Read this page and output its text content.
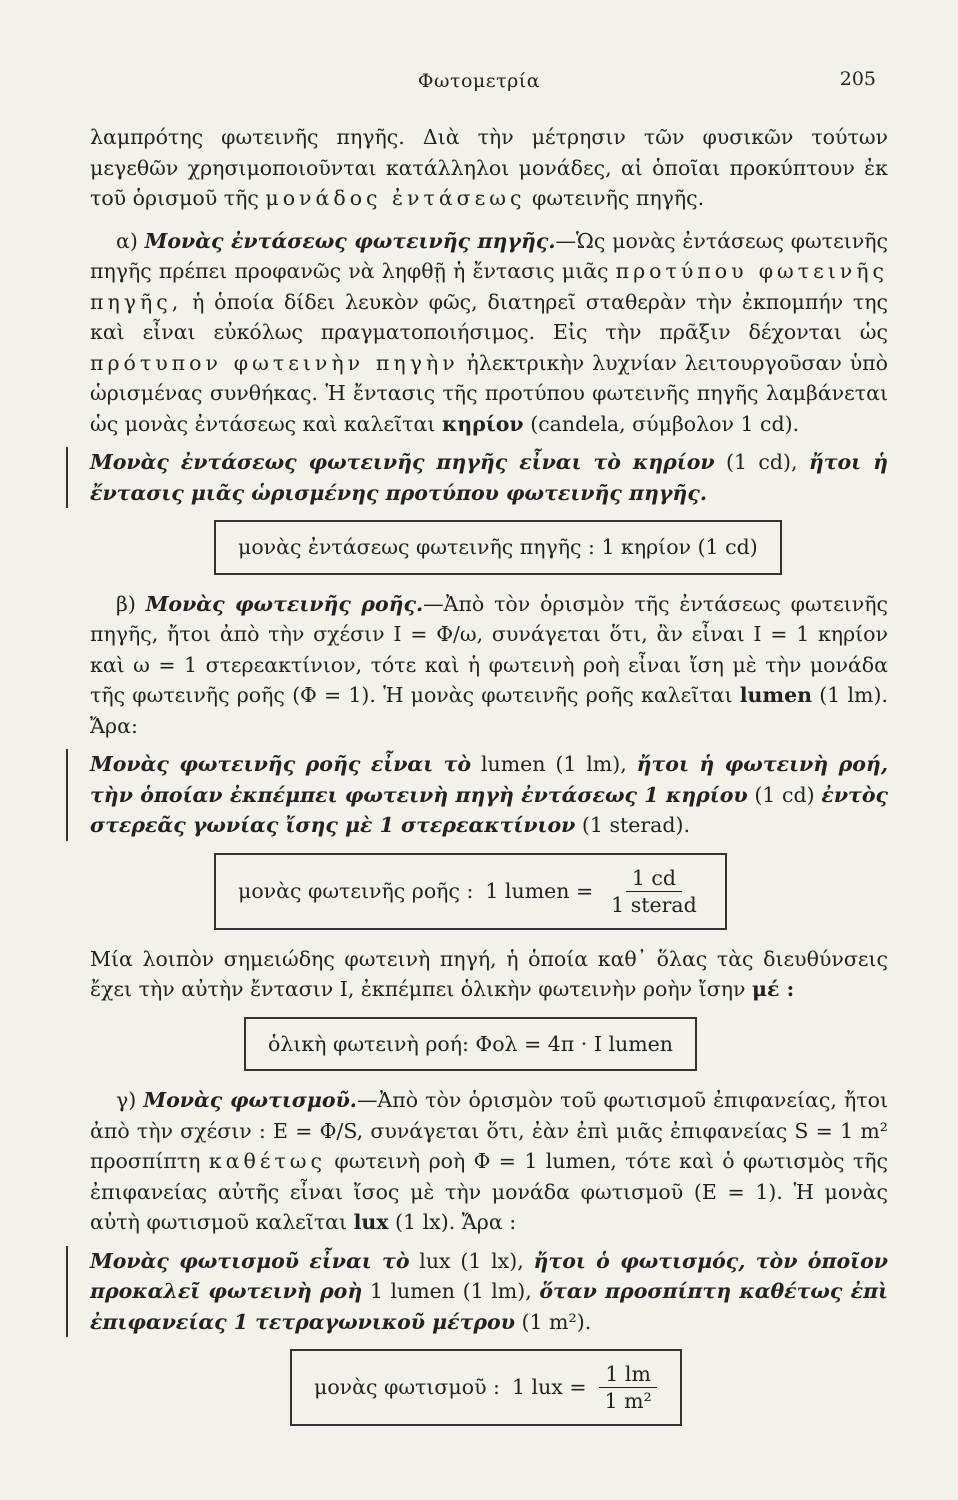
Φωτομετρία	205

λαμπρότης φωτεινῆς πηγῆς. Διὰ τὴν μέτρησιν τῶν φυσικῶν τούτων μεγεθῶν χρησιμοποιοῦνται κατάλληλοι μονάδες, αἱ ὁποῖαι προκύπτουν ἐκ τοῦ ὁρισμοῦ τῆς μονάδος ἐντάσεως φωτεινῆς πηγῆς.

α) Μονὰς ἐντάσεως φωτεινῆς πηγῆς.—Ὡς μονὰς ἐντάσεως φωτεινῆς πηγῆς πρέπει προφανῶς νὰ ληφθῇ ἡ ἔντασις μιᾶς προτύπου φωτεινῆς πηγῆς, ἡ ὁποία δίδει λευκὸν φῶς, διατηρεῖ σταθερὰν τὴν ἐκπομπήν της καὶ εἶναι εὐκόλως πραγματοποιήσιμος. Εἰς τὴν πρᾶξιν δέχονται ὡς πρότυπον φωτεινὴν πηγὴν ἠλεκτρικὴν λυχνίαν λειτουργοῦσαν ὑπὸ ὡρισμένας συνθήκας. Ἡ ἔντασις τῆς προτύπου φωτεινῆς πηγῆς λαμβάνεται ὡς μονὰς ἐντάσεως καὶ καλεῖται κηρίον (candela, σύμβολον 1 cd).

Μονὰς ἐντάσεως φωτεινῆς πηγῆς εἶναι τὸ κηρίον (1 cd), ἤτοι ἡ ἔντασις μιᾶς ὡρισμένης προτύπου φωτεινῆς πηγῆς.
μονὰς ἐντάσεως φωτεινῆς πηγῆς : 1 κηρίον (1 cd)

β) Μονὰς φωτεινῆς ροῆς.—Ἀπὸ τὸν ὁρισμὸν τῆς ἐντάσεως φωτεινῆς πηγῆς, ἤτοι ἀπὸ τὴν σχέσιν I = Φ/ω, συνάγεται ὅτι, ἂν εἶναι I = 1 κηρίον καὶ ω = 1 στερεακτίνιον, τότε καὶ ἡ φωτεινὴ ροὴ εἶναι ἴση μὲ τὴν μονάδα τῆς φωτεινῆς ροῆς (Φ = 1). Ἡ μονὰς φωτεινῆς ροῆς καλεῖται lumen (1 lm). Ἄρα:

Μονὰς φωτεινῆς ροῆς εἶναι τὸ lumen (1 lm), ἤτοι ἡ φωτεινὴ ροή, τὴν ὁποίαν ἐκπέμπει φωτεινὴ πηγὴ ἐντάσεως 1 κηρίου (1 cd) ἐντὸς στερεᾶς γωνίας ἴσης μὲ 1 στερεακτίνιον (1 sterad).
μονὰς φωτεινῆς ροῆς : 1 lumen = $\frac{1 cd}{\text{1 sterad}}$

Μία λοιπὸν σημειώδης φωτεινὴ πηγή, ἡ ὁποία καθ᾿ ὅλας τὰς διευθύνσεις ἔχει τὴν αὐτὴν ἔντασιν I, ἐκπέμπει ὁλικὴν φωτεινὴν ροὴν ἴσην μέ :

ὁλικὴ φωτεινὴ ροή: Φολ = 4π · I lumen

γ) Μονὰς φωτισμοῦ.—Ἀπὸ τὸν ὁρισμὸν τοῦ φωτισμοῦ ἐπιφανείας, ἤτοι ἀπὸ τὴν σχέσιν : E = Φ/S, συνάγεται ὅτι, ἐὰν ἐπὶ μιᾶς ἐπιφανείας S = 1 m² προσπίπτη καθέτως φωτεινὴ ροὴ Φ = 1 lumen, τότε καὶ ὁ φωτισμὸς τῆς ἐπιφανείας αὐτῆς εἶναι ἴσος μὲ τὴν μονάδα φωτισμοῦ (E = 1). Ἡ μονὰς αὐτὴ φωτισμοῦ καλεῖται lux (1 lx). Ἄρα :

Μονὰς φωτισμοῦ εἶναι τὸ lux (1 lx), ἤτοι ὁ φωτισμός, τὸν ὁποῖον προκαλεῖ φωτεινὴ ροὴ 1 lumen (1 lm), ὅταν προσπίπτη καθέτως ἐπὶ ἐπιφανείας 1 τετραγωνικοῦ μέτρου (1 m²).
μονὰς φωτισμοῦ : 1 lux = $\frac{1 lm}{\text{1 m²}}$
